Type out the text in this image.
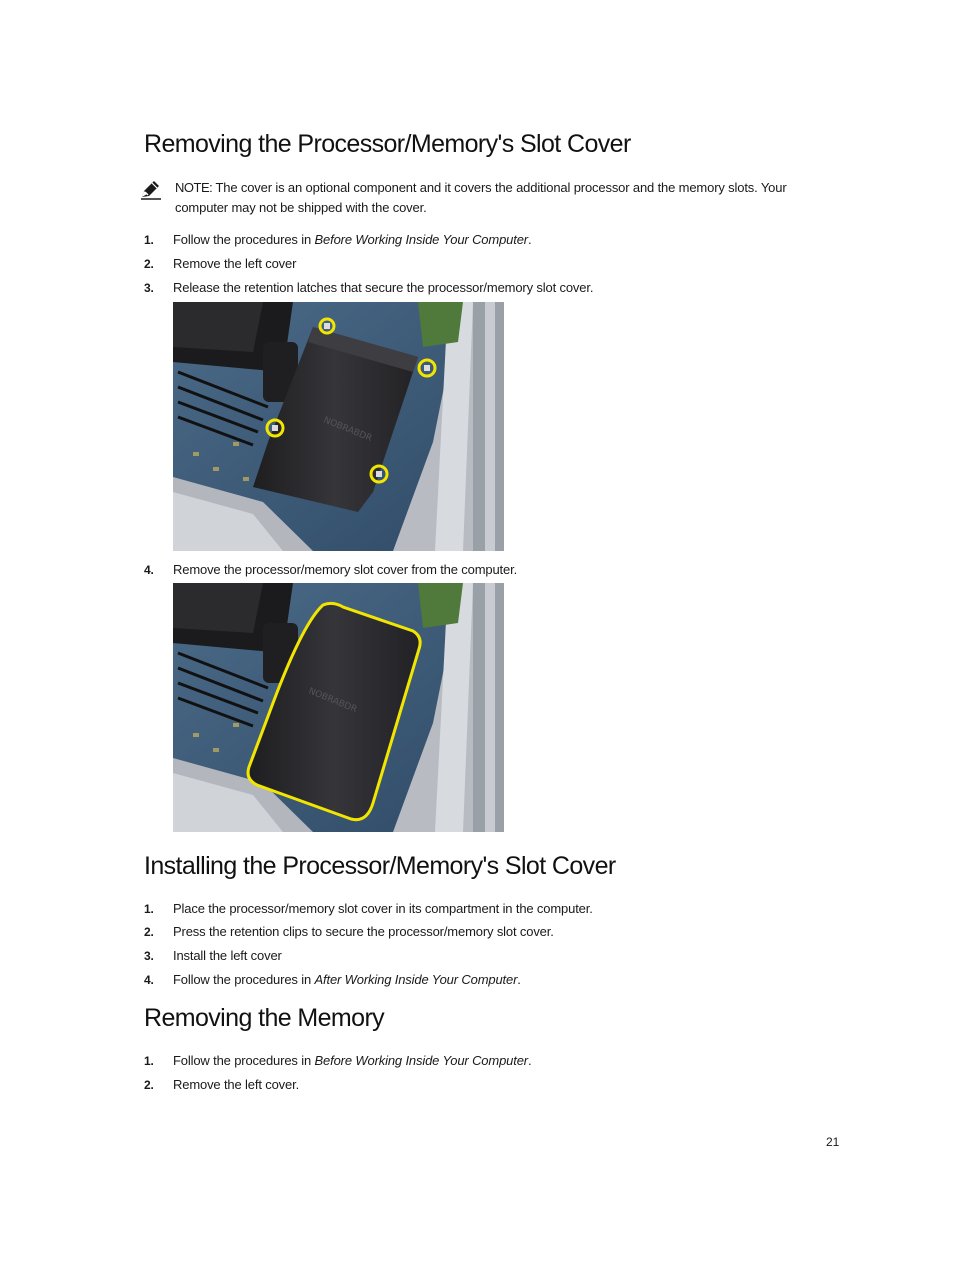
Removing the Processor/Memory's Slot Cover
NOTE: The cover is an optional component and it covers the additional processor and the memory slots. Your computer may not be shipped with the cover.
1. Follow the procedures in Before Working Inside Your Computer.
2. Remove the left cover
3. Release the retention latches that secure the processor/memory slot cover.
NOBRABDR
4. Remove the processor/memory slot cover from the computer.
NOBRABDR
Installing the Processor/Memory's Slot Cover
1. Place the processor/memory slot cover in its compartment in the computer.
2. Press the retention clips to secure the processor/memory slot cover.
3. Install the left cover
4. Follow the procedures in After Working Inside Your Computer.
Removing the Memory
1. Follow the procedures in Before Working Inside Your Computer.
2. Remove the left cover.
21
